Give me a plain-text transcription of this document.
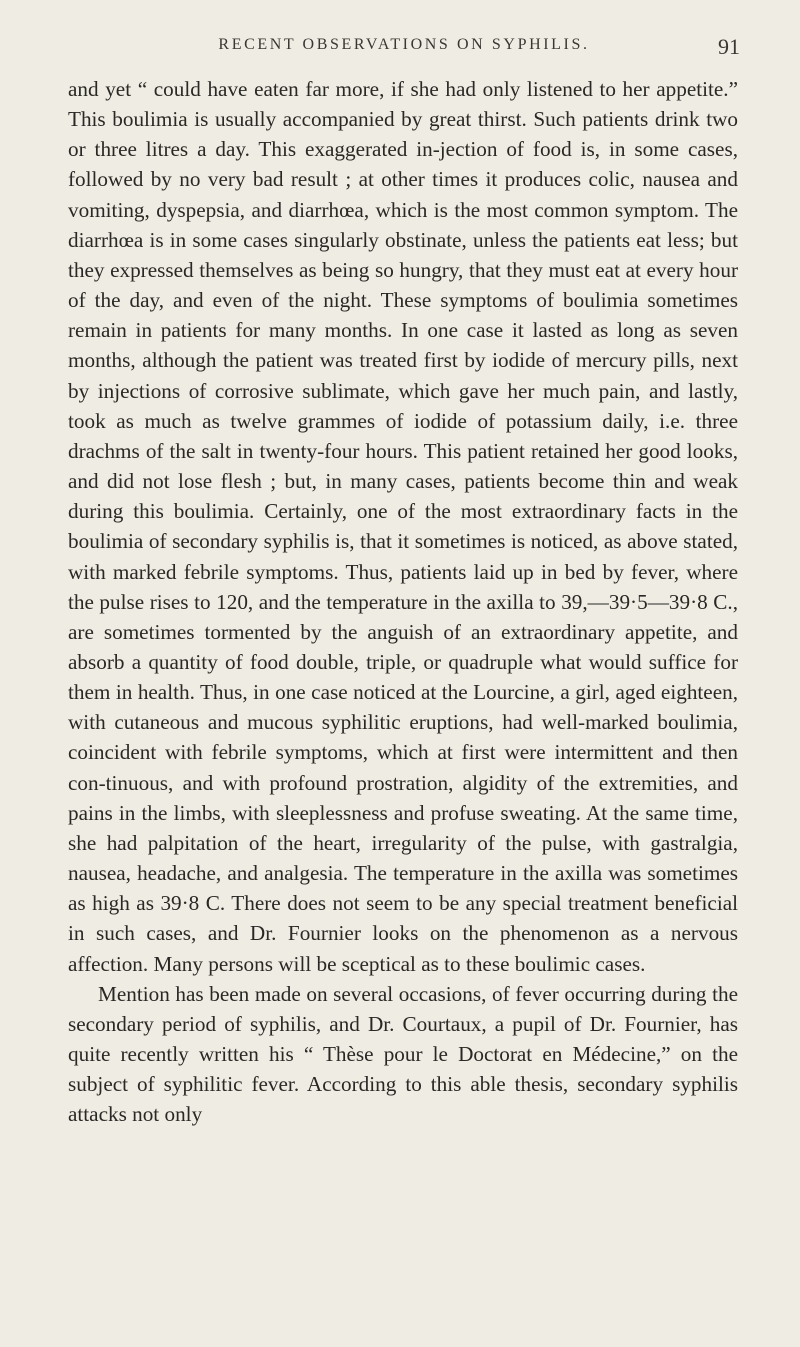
RECENT OBSERVATIONS ON SYPHILIS.	91

and yet “ could have eaten far more, if she had only listened to her appetite.” This boulimia is usually accompanied by great thirst. Such patients drink two or three litres a day. This exaggerated in-jection of food is, in some cases, followed by no very bad result ; at other times it produces colic, nausea and vomiting, dyspepsia, and diarrhœa, which is the most common symptom. The diarrhœa is in some cases singularly obstinate, unless the patients eat less; but they expressed themselves as being so hungry, that they must eat at every hour of the day, and even of the night. These symptoms of boulimia sometimes remain in patients for many months. In one case it lasted as long as seven months, although the patient was treated first by iodide of mercury pills, next by injections of corrosive sublimate, which gave her much pain, and lastly, took as much as twelve grammes of iodide of potassium daily, i.e. three drachms of the salt in twenty-four hours. This patient retained her good looks, and did not lose flesh ; but, in many cases, patients become thin and weak during this boulimia. Certainly, one of the most extraordinary facts in the boulimia of secondary syphilis is, that it sometimes is noticed, as above stated, with marked febrile symptoms. Thus, patients laid up in bed by fever, where the pulse rises to 120, and the temperature in the axilla to 39,—39·5—39·8 C., are sometimes tormented by the anguish of an extraordinary appetite, and absorb a quantity of food double, triple, or quadruple what would suffice for them in health. Thus, in one case noticed at the Lourcine, a girl, aged eighteen, with cutaneous and mucous syphilitic eruptions, had well-marked boulimia, coincident with febrile symptoms, which at first were intermittent and then con-tinuous, and with profound prostration, algidity of the extremities, and pains in the limbs, with sleeplessness and profuse sweating. At the same time, she had palpitation of the heart, irregularity of the pulse, with gastralgia, nausea, headache, and analgesia. The temperature in the axilla was sometimes as high as 39·8 C. There does not seem to be any special treatment beneficial in such cases, and Dr. Fournier looks on the phenomenon as a nervous affection. Many persons will be sceptical as to these boulimic cases.

Mention has been made on several occasions, of fever occurring during the secondary period of syphilis, and Dr. Courtaux, a pupil of Dr. Fournier, has quite recently written his “ Thèse pour le Doctorat en Médecine,” on the subject of syphilitic fever. According to this able thesis, secondary syphilis attacks not only
